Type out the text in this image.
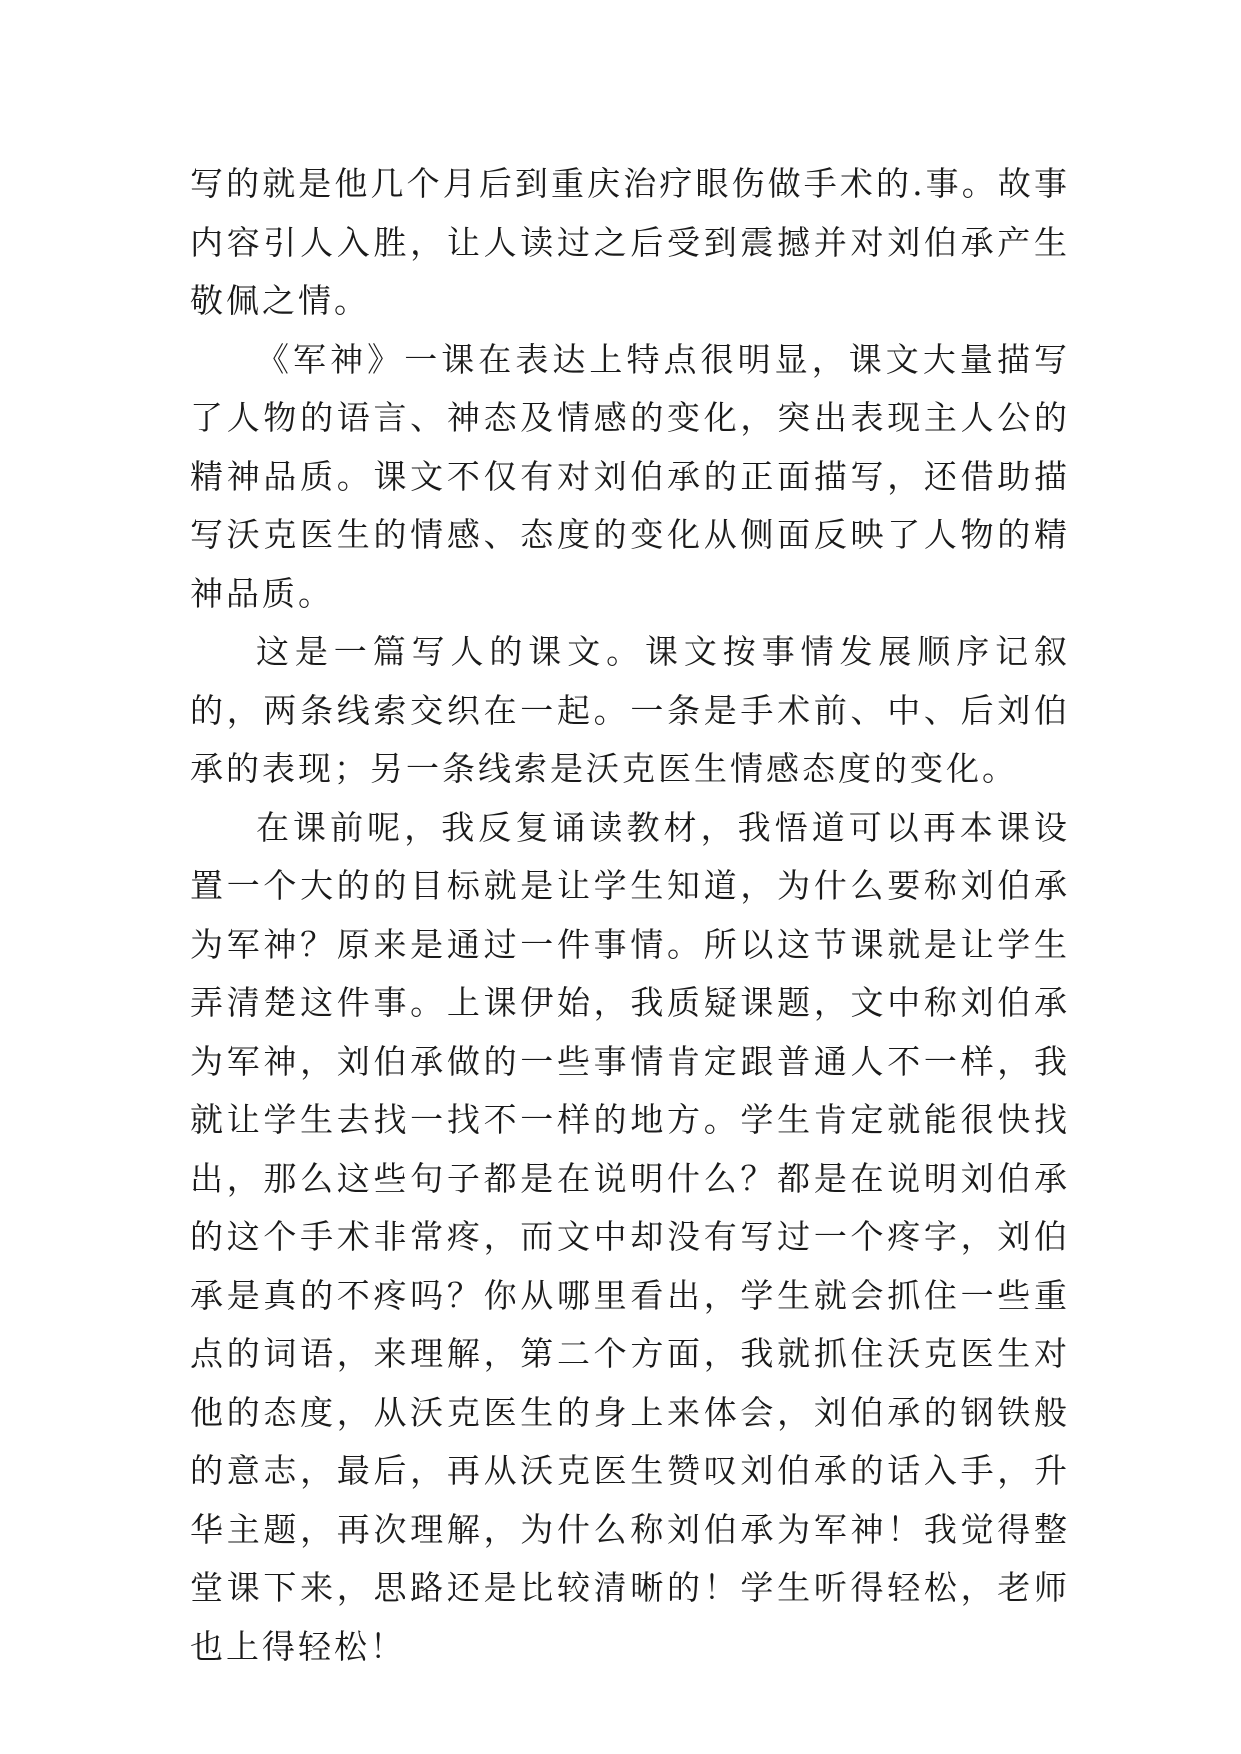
写的就是他几个月后到重庆治疗眼伤做手术的.事。故事内容引人入胜，让人读过之后受到震撼并对刘伯承产生敬佩之情。

《军神》一课在表达上特点很明显，课文大量描写了人物的语言、神态及情感的变化，突出表现主人公的精神品质。课文不仅有对刘伯承的正面描写，还借助描写沃克医生的情感、态度的变化从侧面反映了人物的精神品质。

这是一篇写人的课文。课文按事情发展顺序记叙的，两条线索交织在一起。一条是手术前、中、后刘伯承的表现；另一条线索是沃克医生情感态度的变化。

在课前呢，我反复诵读教材，我悟道可以再本课设置一个大的的目标就是让学生知道，为什么要称刘伯承为军神？原来是通过一件事情。所以这节课就是让学生弄清楚这件事。上课伊始，我质疑课题，文中称刘伯承为军神，刘伯承做的一些事情肯定跟普通人不一样，我就让学生去找一找不一样的地方。学生肯定就能很快找出，那么这些句子都是在说明什么？都是在说明刘伯承的这个手术非常疼，而文中却没有写过一个疼字，刘伯承是真的不疼吗？你从哪里看出，学生就会抓住一些重点的词语，来理解，第二个方面，我就抓住沃克医生对他的态度，从沃克医生的身上来体会，刘伯承的钢铁般的意志，最后，再从沃克医生赞叹刘伯承的话入手，升华主题，再次理解，为什么称刘伯承为军神！我觉得整堂课下来，思路还是比较清晰的！学生听得轻松，老师也上得轻松！
